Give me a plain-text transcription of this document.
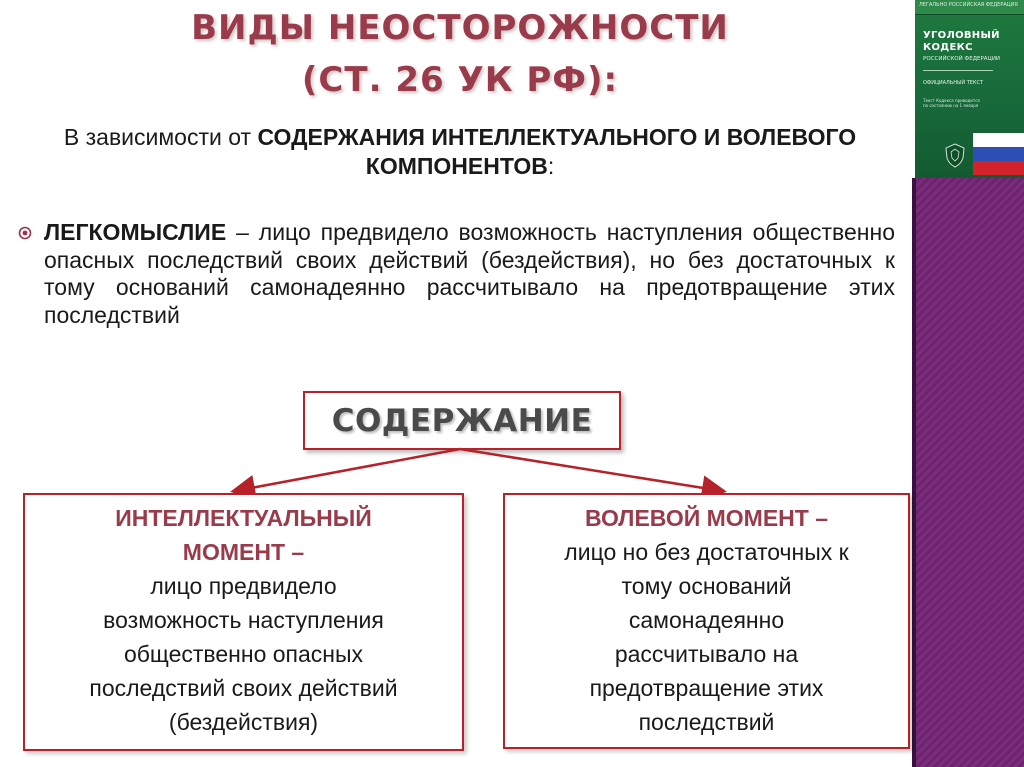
ЛЕГАЛЬНО РОССИЙСКАЯ ФЕДЕРАЦИЯ
УГОЛОВНЫЙ
КОДЕКС
РОССИЙСКОЙ ФЕДЕРАЦИИ
ОФИЦИАЛЬНЫЙ ТЕКСТ
Текст Кодекса приводится по состоянию на 1 января
ВИДЫ НЕОСТОРОЖНОСТИ
(СТ. 26 УК РФ):
В зависимости от СОДЕРЖАНИЯ ИНТЕЛЛЕКТУАЛЬНОГО И ВОЛЕВОГО КОМПОНЕНТОВ:
ЛЕГКОМЫСЛИЕ – лицо предвидело возможность наступления общественно опасных последствий своих действий (бездействия), но без достаточных к тому оснований самонадеянно рассчитывало на предотвращение этих последствий
СОДЕРЖАНИЕ
ИНТЕЛЛЕКТУАЛЬНЫЙ
МОМЕНТ –
лицо предвидело
возможность наступления
общественно опасных
последствий своих действий
(бездействия)
ВОЛЕВОЙ МОМЕНТ –
лицо но без достаточных к
тому оснований
самонадеянно
рассчитывало на
предотвращение этих
последствий
